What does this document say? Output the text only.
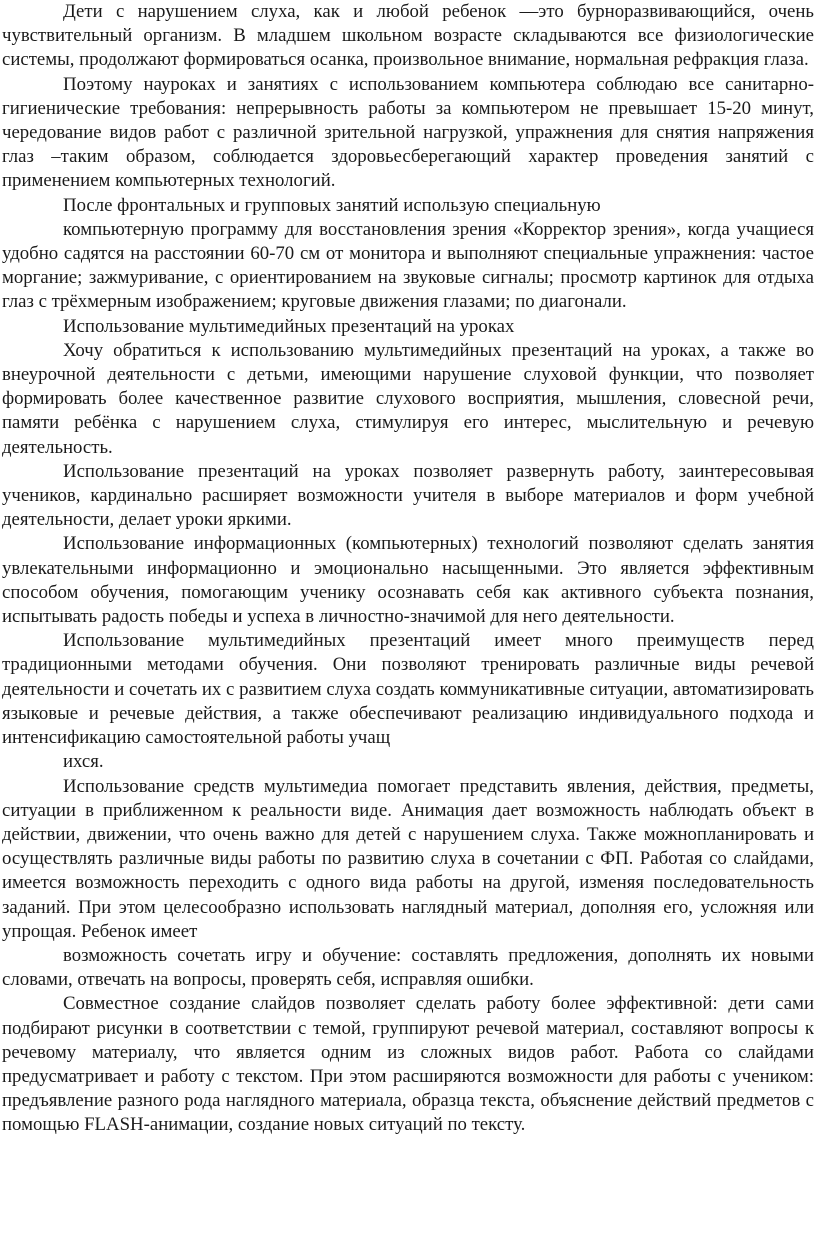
Дети с нарушением слуха, как и любой ребенок —это бурноразвивающийся, очень чувствительный организм. В младшем школьном возрасте складываются все физиологические системы, продолжают формироваться осанка, произвольное внимание, нормальная рефракция глаза.

Поэтому науроках и занятиях с использованием компьютера соблюдаю все санитарно-гигиенические требования: непрерывность работы за компьютером не превышает 15-20 минут, чередование видов работ с различной зрительной нагрузкой, упражнения для снятия напряжения глаз –таким образом, соблюдается здоровьесберегающий характер проведения занятий с применением компьютерных технологий.

После фронтальных и групповых занятий использую специальную

компьютерную программу для восстановления зрения «Корректор зрения», когда учащиеся удобно садятся на расстоянии 60-70 см от монитора и выполняют специальные упражнения: частое моргание; зажмуривание, с ориентированием на звуковые сигналы; просмотр картинок для отдыха глаз с трёхмерным изображением; круговые движения глазами; по диагонали.

Использование мультимедийных презентаций на уроках

Хочу обратиться к использованию мультимедийных презентаций на уроках, а также во внеурочной деятельности с детьми, имеющими нарушение слуховой функции, что позволяет формировать более качественное развитие слухового восприятия, мышления, словесной речи, памяти ребёнка с нарушением слуха, стимулируя его интерес, мыслительную и речевую деятельность.

Использование презентаций на уроках позволяет развернуть работу, заинтересовывая учеников, кардинально расширяет возможности учителя в выборе материалов и форм учебной деятельности, делает уроки яркими.

Использование информационных (компьютерных) технологий позволяют сделать занятия увлекательными информационно и эмоционально насыщенными. Это является эффективным способом обучения, помогающим ученику осознавать себя как активного субъекта познания, испытывать радость победы и успеха в личностно-значимой для него деятельности.

Использование мультимедийных презентаций имеет много преимуществ перед традиционными методами обучения. Они позволяют тренировать различные виды речевой деятельности и сочетать их с развитием слуха создать коммуникативные ситуации, автоматизировать языковые и речевые действия, а также обеспечивают реализацию индивидуального подхода и интенсификацию самостоятельной работы учащ

ихся.

Использование средств мультимедиа помогает представить явления, действия, предметы, ситуации в приближенном к реальности виде. Анимация дает возможность наблюдать объект в действии, движении, что очень важно для детей с нарушением слуха. Также можнопланировать и осуществлять различные виды работы по развитию слуха в сочетании с ФП. Работая со слайдами, имеется возможность переходить с одного вида работы на другой, изменяя последовательность заданий. При этом целесообразно использовать наглядный материал, дополняя его, усложняя или упрощая. Ребенок имеет

возможность сочетать игру и обучение: составлять предложения, дополнять их новыми словами, отвечать на вопросы, проверять себя, исправляя ошибки.

Совместное создание слайдов позволяет сделать работу более эффективной: дети сами подбирают рисунки в соответствии с темой, группируют речевой материал, составляют вопросы к речевому материалу, что является одним из сложных видов работ. Работа со слайдами предусматривает и работу с текстом. При этом расширяются возможности для работы с учеником: предъявление разного рода наглядного материала, образца текста, объяснение действий предметов с помощью FLASH-анимации, создание новых ситуаций по тексту.
